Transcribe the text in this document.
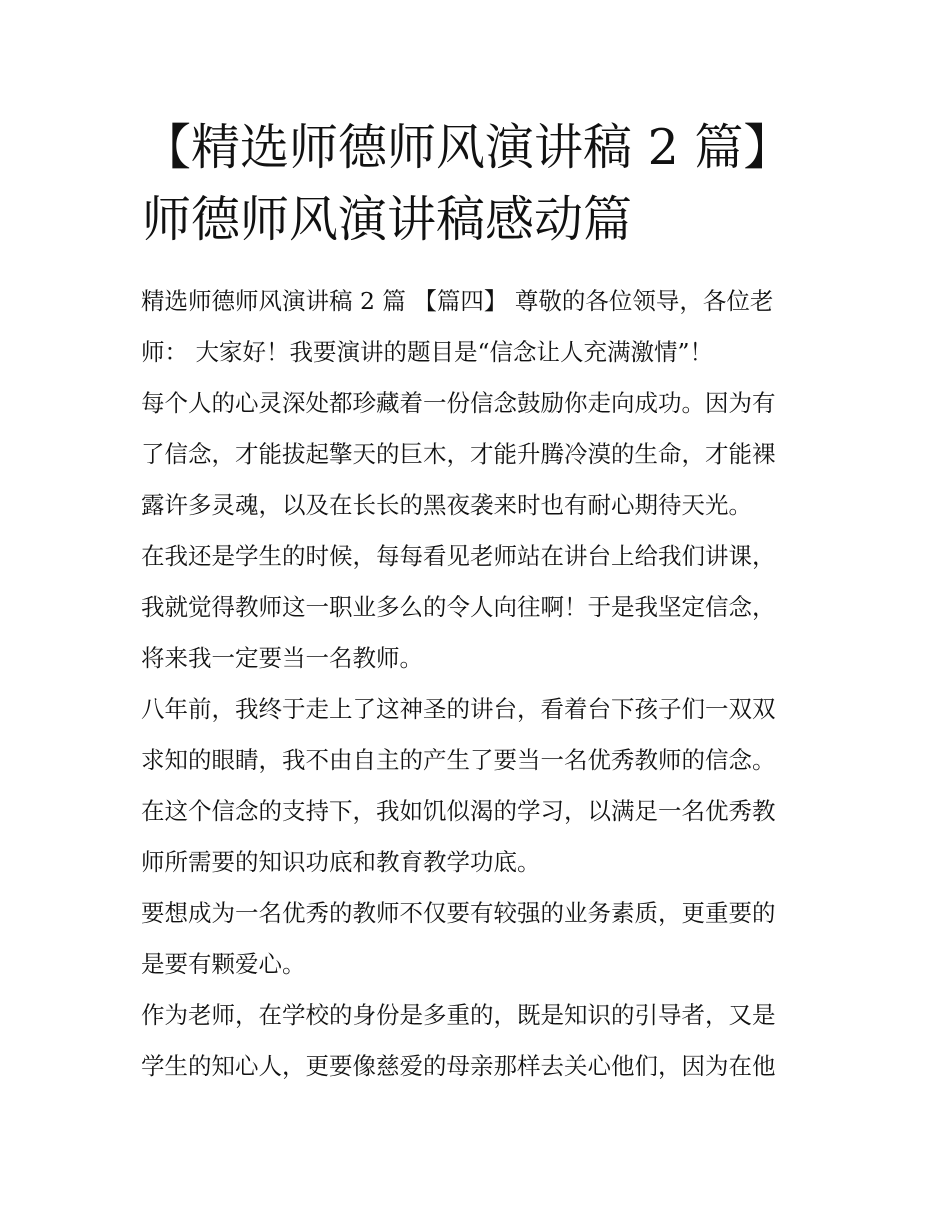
【精选师德师风演讲稿 2 篇】
师德师风演讲稿感动篇
精选师德师风演讲稿 2 篇 【篇四】 尊敬的各位领导，各位老
师： 大家好！我要演讲的题目是“信念让人充满激情”！
每个人的心灵深处都珍藏着一份信念鼓励你走向成功。因为有
了信念，才能拔起擎天的巨木，才能升腾冷漠的生命，才能裸
露许多灵魂，以及在长长的黑夜袭来时也有耐心期待天光。
在我还是学生的时候，每每看见老师站在讲台上给我们讲课，
我就觉得教师这一职业多么的令人向往啊！于是我坚定信念，
将来我一定要当一名教师。
八年前，我终于走上了这神圣的讲台，看着台下孩子们一双双
求知的眼睛，我不由自主的产生了要当一名优秀教师的信念。
在这个信念的支持下，我如饥似渴的学习，以满足一名优秀教
师所需要的知识功底和教育教学功底。
要想成为一名优秀的教师不仅要有较强的业务素质，更重要的
是要有颗爱心。
作为老师，在学校的身份是多重的，既是知识的引导者，又是
学生的知心人，更要像慈爱的母亲那样去关心他们，因为在他
